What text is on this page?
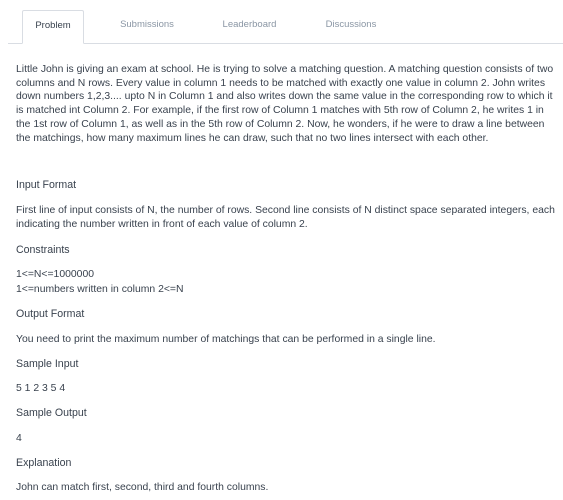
Problem	Submissions	Leaderboard	Discussions

Little John is giving an exam at school. He is trying to solve a matching question. A matching question consists of two columns and N rows. Every value in column 1 needs to be matched with exactly one value in column 2. John writes down numbers 1,2,3.... upto N in Column 1 and also writes down the same value in the corresponding row to which it is matched int Column 2. For example, if the first row of Column 1 matches with 5th row of Column 2, he writes 1 in the 1st row of Column 1, as well as in the 5th row of Column 2. Now, he wonders, if he were to draw a line between the matchings, how many maximum lines he can draw, such that no two lines intersect with each other.

Input Format
First line of input consists of N, the number of rows. Second line consists of N distinct space separated integers, each indicating the number written in front of each value of column 2.
Constraints
1<=N<=1000000
1<=numbers written in column 2<=N
Output Format
You need to print the maximum number of matchings that can be performed in a single line.
Sample Input
5 1 2 3 5 4
Sample Output
4
Explanation
John can match first, second, third and fourth columns.
